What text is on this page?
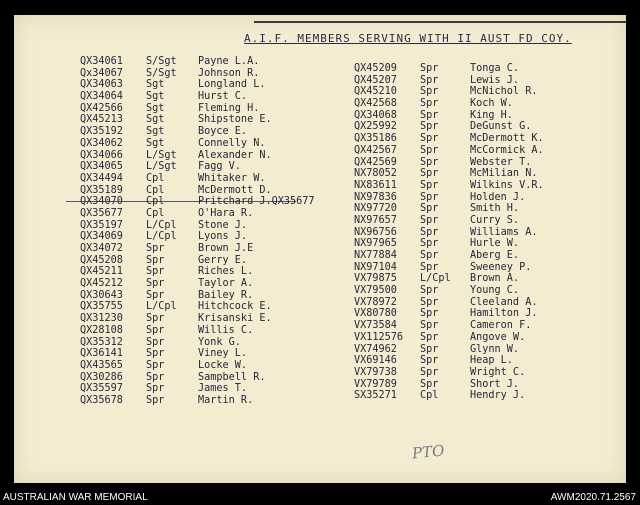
A.I.F. MEMBERS SERVING WITH II AUST FD COY.
QX34061 S/Sgt Payne L.A.
Qx34067 S/Sgt Johnson R.
QX34063 Sgt	Longland L.
QX34064 Sgt	Hurst C.
QX42566 Sgt	Fleming H.
QX45213 Sgt	Shipstone E.
QX35192 Sgt	Boyce E.
QX34062 Sgt	Connelly N.
QX34066 L/Sgt Alexander N.
QX34065 L/Sgt Fagg V.
QX34494 Cpl	Whitaker W.
QX35189 Cpl	McDermott D.
QX34070 Cpl	Pritchard J.QX35677
QX35677 Cpl	O'Hara R.
QX35197 L/Cpl Stone J.
QX34069 L/Cpl Lyons J.
QX34072 Spr	Brown J.E
QX45208 Spr	Gerry E.
QX45211 Spr	Riches L.
QX45212 Spr	Taylor A.
QX30643 Spr	Bailey R.
QX35755 L/Cpl Hitchcock E.
QX31230 Spr	Krisanski E.
QX28108 Spr	Willis C.
QX35312 Spr	Yonk G.
QX36141 Spr	Viney L.
QX43565 Spr	Locke W.
QX30286 Spr	Sampbell R.
QX35597 Spr	James T.
QX35678 Spr	Martin R.
QX45209 Spr	Tonga C.
QX45207 Spr	Lewis J.
QX45210 Spr	McNichol R.
QX42568 Spr	Koch W.
QX34068 Spr	King H.
QX25992 Spr	DeGunst G.
QX35186 Spr	McDermott K.
QX42567 Spr	McCormick A.
QX42569 Spr	Webster T.
NX78052 Spr	McMilian N.
NX83611 Spr	Wilkins V.R.
NX97836 Spr	Holden J.
NX97720 Spr	Smith H.
NX97657 Spr	Curry S.
NX96756 Spr	Williams A.
NX97965 Spr	Hurle W.
NX77884 Spr	Aberg E.
NX97104 Spr	Sweeney P.
VX79875 L/Cpl Brown A.
VX79500 Spr	Young C.
VX78972 Spr	Cleeland A.
VX80780 Spr	Hamilton J.
VX73584 Spr	Cameron F.
VX112576 Spr	Angove W.
VX74962 Spr	Glynn W.
VX69146 Spr	Heap L.
VX79738 Spr	Wright C.
VX79789 Spr	Short J.
SX35271 Cpl	Hendry J.
PTO
AUSTRALIAN WAR MEMORIAL	AWM2020.71.2567
